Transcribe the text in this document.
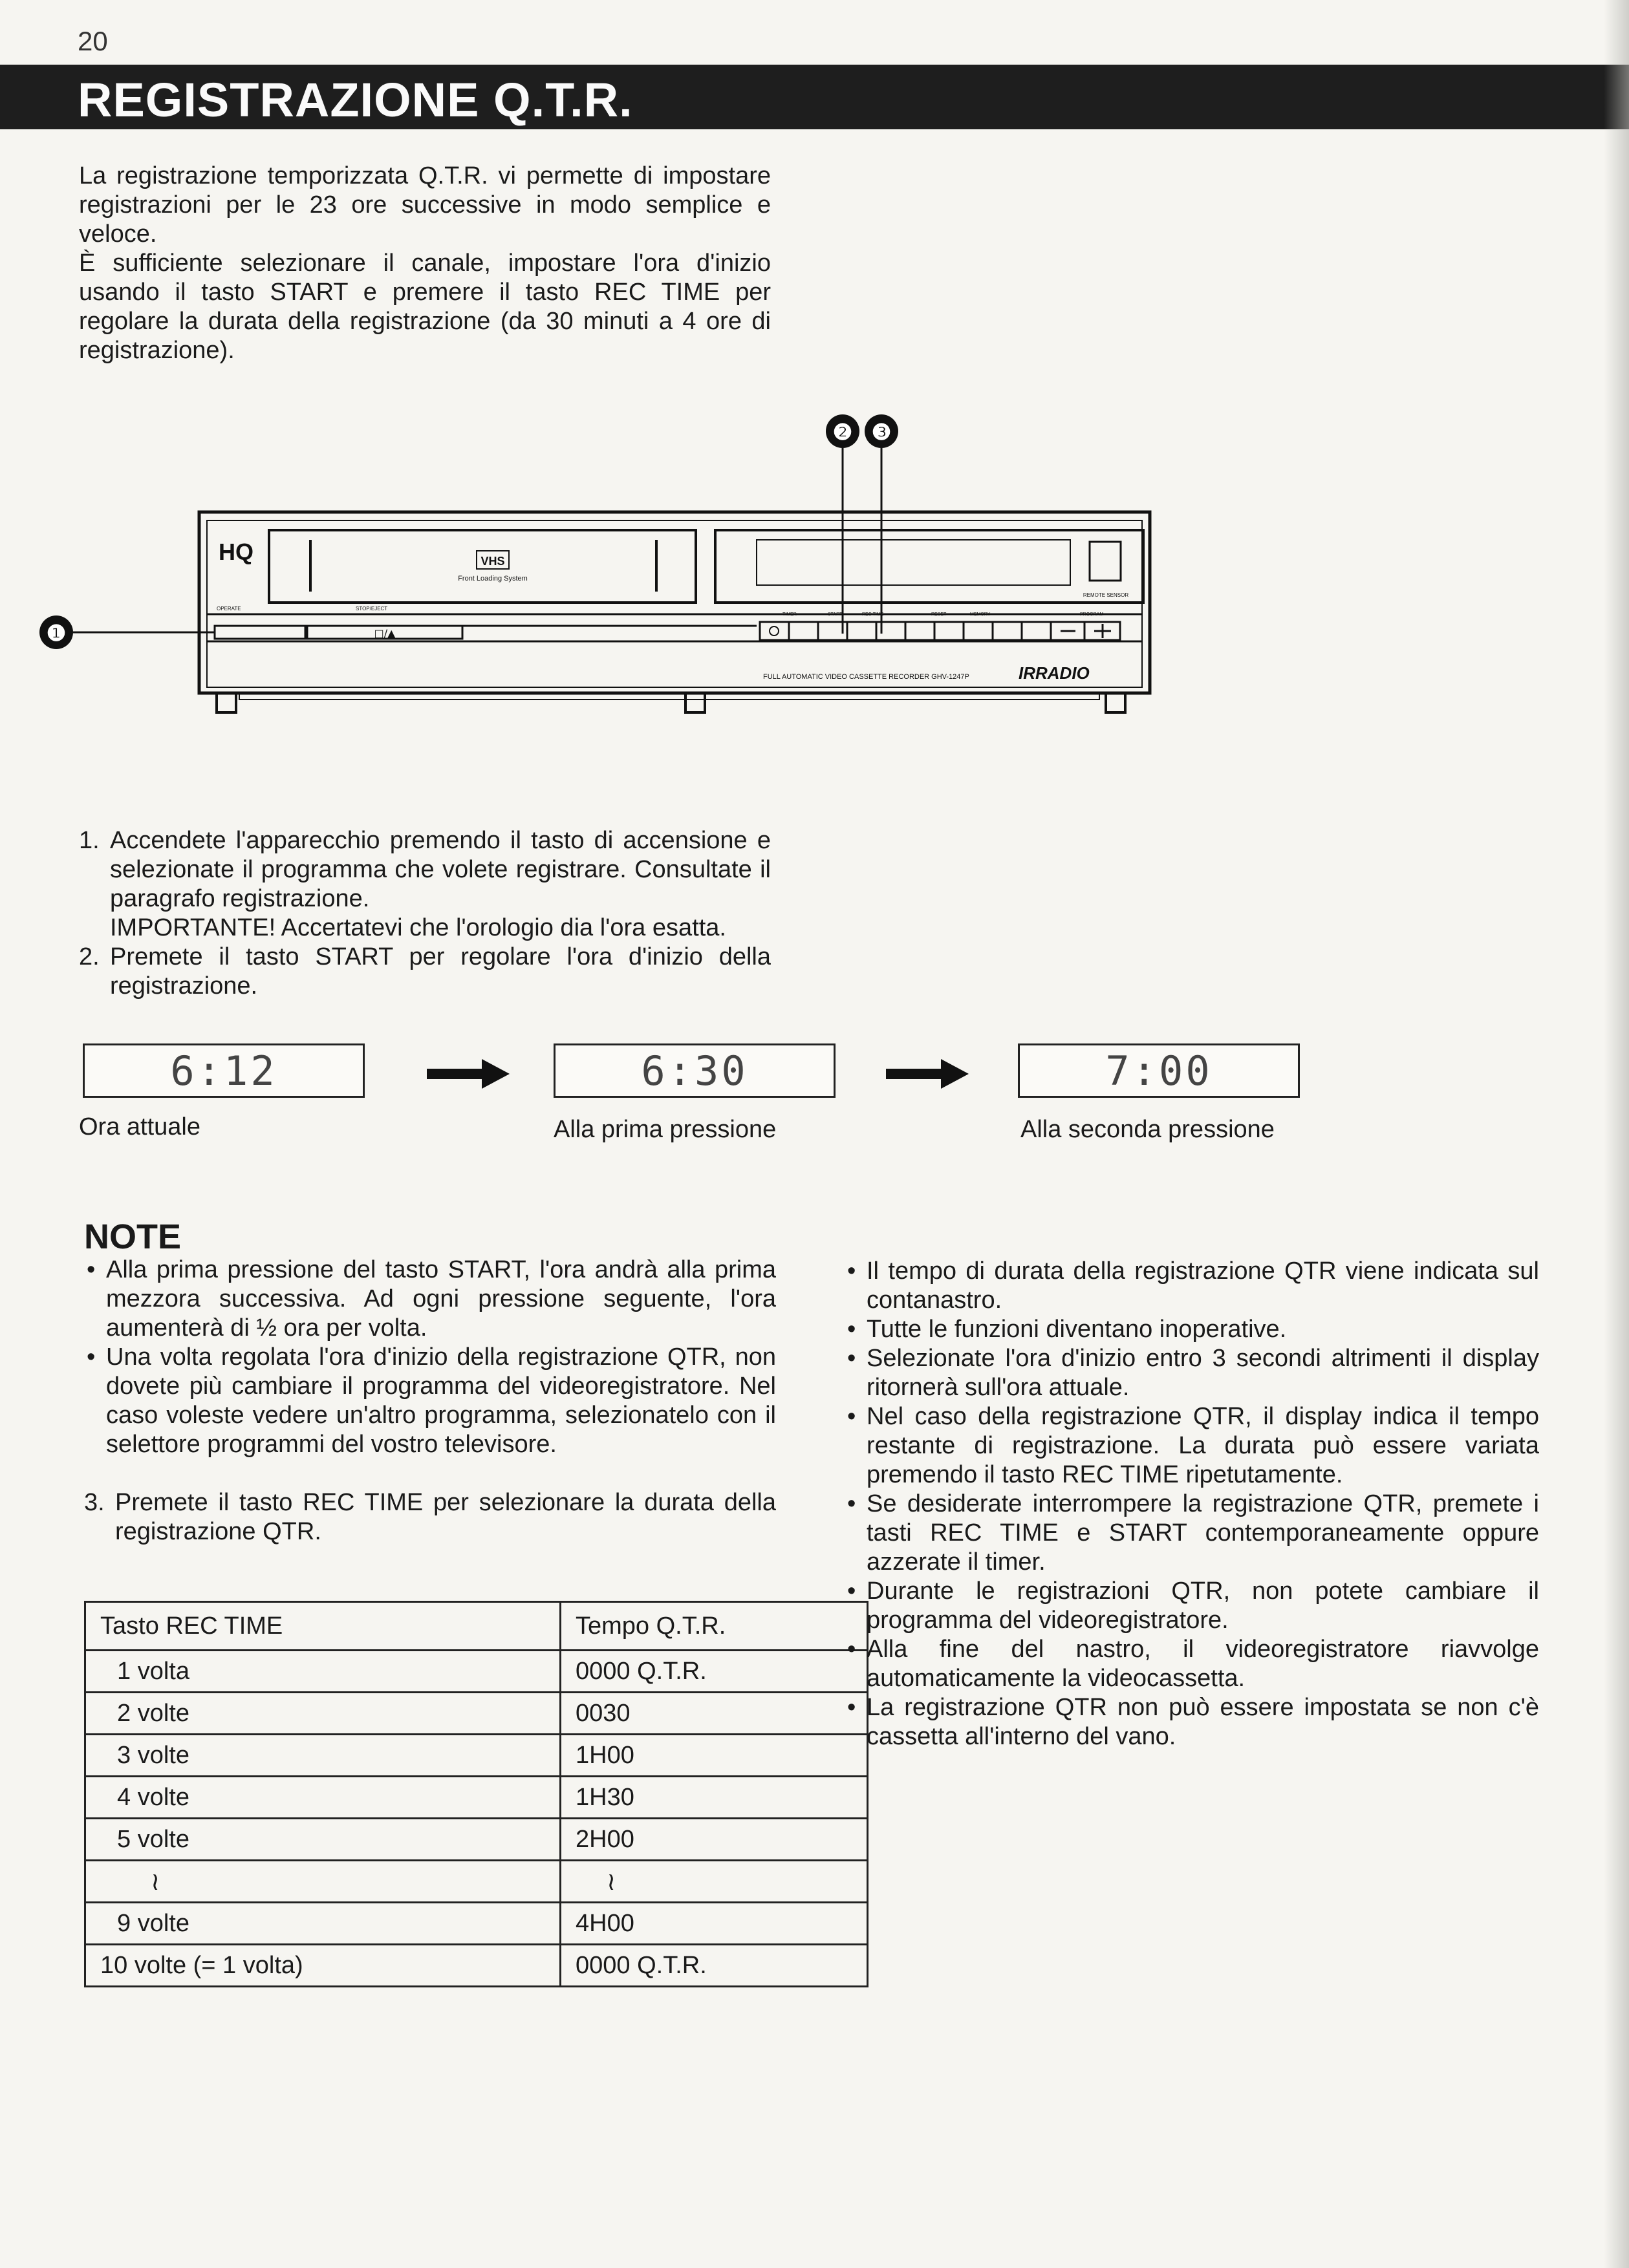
20
REGISTRAZIONE Q.T.R.
La registrazione temporizzata Q.T.R. vi permette di impostare registrazioni per le 23 ore successive in modo semplice e veloce.
È sufficiente selezionare il canale, impostare l'ora d'inizio usando il tasto START e premere il tasto REC TIME per regolare la durata della registrazione (da 30 minuti a 4 ore di registrazione).
❷ ❸
❶
HQ	VHS
Front Loading System
REMOTE SENSOR
OPERATE	STOP/EJECT
□/▲
TIMER	START	REC TIME	RESET	MEMORY	PROGRAM
FULL AUTOMATIC VIDEO CASSETTE RECORDER GHV-1247P	IRRADIO
1. Accendete l'apparecchio premendo il tasto di accensione e selezionate il programma che volete registrare. Consultate il paragrafo registrazione.
IMPORTANTE! Accertatevi che l'orologio dia l'ora esatta.
2. Premete il tasto START per regolare l'ora d'inizio della registrazione.
6:12
Ora attuale
6:30
Alla prima pressione
7:00
Alla seconda pressione
NOTE
• Alla prima pressione del tasto START, l'ora andrà alla prima mezzora successiva. Ad ogni pressione seguente, l'ora aumenterà di ½ ora per volta.
• Una volta regolata l'ora d'inizio della registrazione QTR, non dovete più cambiare il programma del videoregistratore. Nel caso voleste vedere un'altro programma, selezionatelo con il selettore programmi del vostro televisore.
3. Premete il tasto REC TIME per selezionare la durata della registrazione QTR.
Tasto REC TIME	Tempo Q.T.R.
1 volta	0000 Q.T.R.
2 volte	0030
3 volte	1H00
4 volte	1H30
5 volte	2H00
≀	≀
9 volte	4H00
10 volte (= 1 volta)	0000 Q.T.R.
• Il tempo di durata della registrazione QTR viene indicata sul contanastro.
• Tutte le funzioni diventano inoperative.
• Selezionate l'ora d'inizio entro 3 secondi altrimenti il display ritornerà sull'ora attuale.
• Nel caso della registrazione QTR, il display indica il tempo restante di registrazione. La durata può essere variata premendo il tasto REC TIME ripetutamente.
• Se desiderate interrompere la registrazione QTR, premete i tasti REC TIME e START contemporaneamente oppure azzerate il timer.
• Durante le registrazioni QTR, non potete cambiare il programma del videoregistratore.
• Alla fine del nastro, il videoregistratore riavvolge automaticamente la videocassetta.
• La registrazione QTR non può essere impostata se non c'è cassetta all'interno del vano.
